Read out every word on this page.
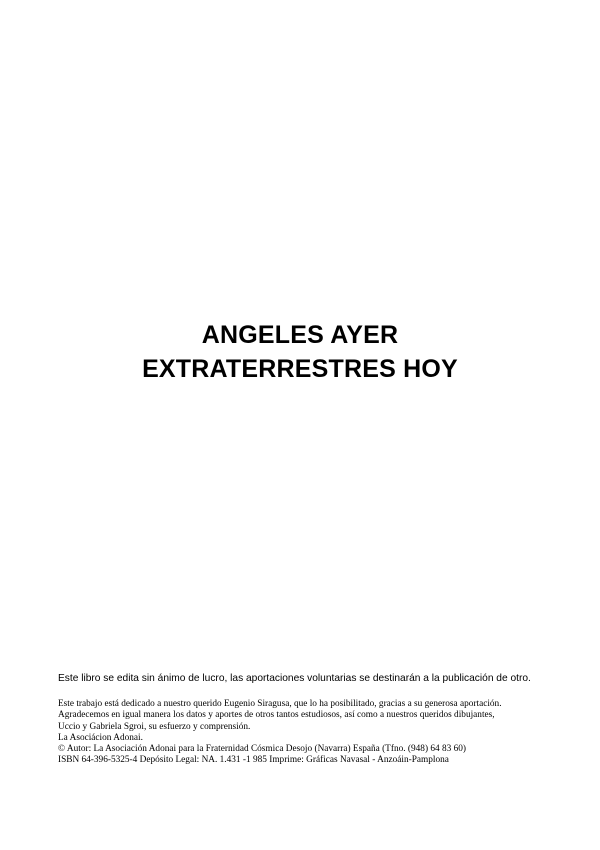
ANGELES AYER
EXTRATERRESTRES HOY

Este libro se edita sin ánimo de lucro, las aportaciones voluntarias se destinarán a la publicación de otro.

Este trabajo está dedicado a nuestro querido Eugenio Siragusa, que lo ha posibilitado, gracias a su generosa aportación.
Agradecemos en igual manera los datos y aportes de otros tantos estudiosos, así como a nuestros queridos dibujantes,
Uccio y Gabriela Sgroi, su esfuerzo y comprensión.
La Asociácion Adonai.
© Autor: La Asociación Adonai para la Fraternidad Cósmica Desojo (Navarra) España (Tfno. (948) 64 83 60)
ISBN 64-396-5325-4 Depósito Legal: NA. 1.431 -1 985 Imprime: Gráficas Navasal - Anzoáin-Pamplona
